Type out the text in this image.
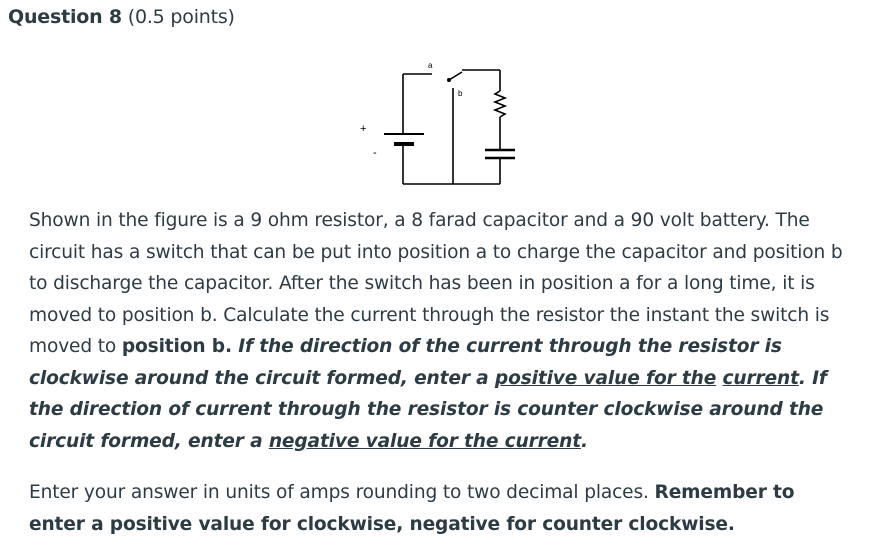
Question 8 (0.5 points)
a
b
+
-

Shown in the figure is a 9 ohm resistor, a 8 farad capacitor and a 90 volt battery. The circuit has a switch that can be put into position a to charge the capacitor and position b to discharge the capacitor. After the switch has been in position a for a long time, it is moved to position b. Calculate the current through the resistor the instant the switch is moved to position b. If the direction of the current through the resistor is clockwise around the circuit formed, enter a positive value for the current. If the direction of current through the resistor is counter clockwise around the circuit formed, enter a negative value for the current.

Enter your answer in units of amps rounding to two decimal places. Remember to enter a positive value for clockwise, negative for counter clockwise.
